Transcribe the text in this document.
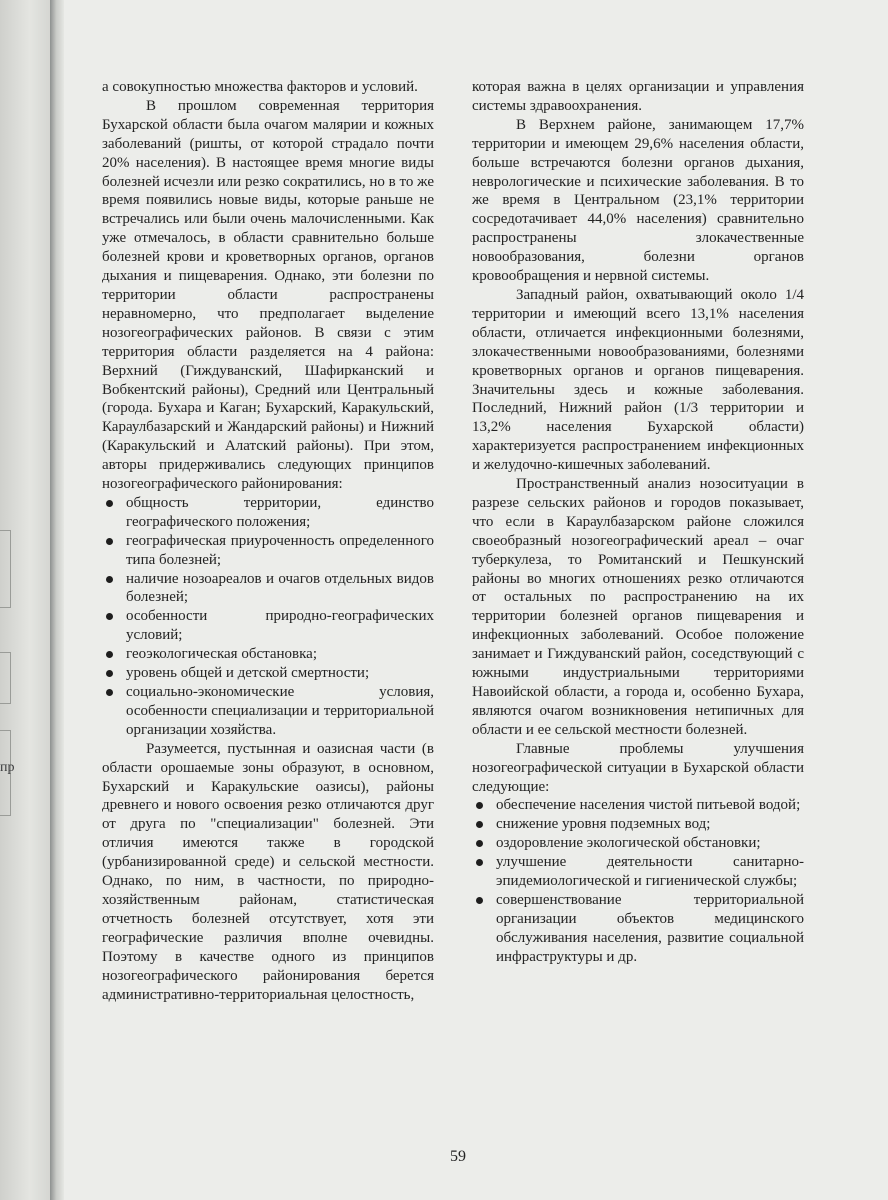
пр

а совокупностью множества факторов и условий.

В прошлом современная территория Бухарской области была очагом малярии и кожных заболеваний (ришты, от которой страдало почти 20% населения). В настоящее время многие виды болезней исчезли или резко сократились, но в то же время появились новые виды, которые раньше не встречались или были очень малочисленными. Как уже отмечалось, в области сравнительно больше болезней крови и кроветворных органов, органов дыхания и пищеварения. Однако, эти болезни по территории области распространены неравномерно, что предполагает выделение нозогеографических районов. В связи с этим территория области разделяется на 4 района: Верхний (Гиждуванский, Шафирканский и Вобкентский районы), Средний или Центральный (города. Бухара и Каган; Бухарский, Каракульский, Караулбазарский и Жандарский районы) и Нижний (Каракульский и Алатский районы). При этом, авторы придерживались следующих принципов нозогеографического районирования:

общность территории, единство географического положения;
географическая приуроченность определенного типа болезней;
наличие нозоареалов и очагов отдельных видов болезней;
особенности природно-географических условий;
геоэкологическая обстановка;
уровень общей и детской смертности;
социально-экономические условия, особенности специализации и территориальной организации хозяйства.

Разумеется, пустынная и оазисная части (в области орошаемые зоны образуют, в основном, Бухарский и Каракульские оазисы), районы древнего и нового освоения резко отличаются друг от друга по "специализации" болезней. Эти отличия имеются также в городской (урбанизированной среде) и сельской местности. Однако, по ним, в частности, по природно-хозяйственным районам, статистическая отчетность болезней отсутствует, хотя эти географические различия вполне очевидны. Поэтому в качестве одного из принципов нозогеографического районирования берется административно-территориальная целостность,

которая важна в целях организации и управления системы здравоохранения.

В Верхнем районе, занимающем 17,7% территории и имеющем 29,6% населения области, больше встречаются болезни органов дыхания, неврологические и психические заболевания. В то же время в Центральном (23,1% территории сосредотачивает 44,0% населения) сравнительно распространены злокачественные новообразования, болезни органов кровообращения и нервной системы.

Западный район, охватывающий около 1/4 территории и имеющий всего 13,1% населения области, отличается инфекционными болезнями, злокачественными новообразованиями, болезнями кроветворных органов и органов пищеварения. Значительны здесь и кожные заболевания. Последний, Нижний район (1/3 территории и 13,2% населения Бухарской области) характеризуется распространением инфекционных и желудочно-кишечных заболеваний.

Пространственный анализ нозоситуации в разрезе сельских районов и городов показывает, что если в Караулбазарском районе сложился своеобразный нозогеографический ареал – очаг туберкулеза, то Ромитанский и Пешкунский районы во многих отношениях резко отличаются от остальных по распространению на их территории болезней органов пищеварения и инфекционных заболеваний. Особое положение занимает и Гиждуванский район, соседствующий с южными индустриальными территориями Навоийской области, а города и, особенно Бухара, являются очагом возникновения нетипичных для области и ее сельской местности болезней.

Главные проблемы улучшения нозогеографической ситуации в Бухарской области следующие:

обеспечение населения чистой питьевой водой;
снижение уровня подземных вод;
оздоровление экологической обстановки;
улучшение деятельности санитарно-эпидемиологической и гигиенической службы;
совершенствование территориальной организации объектов медицинского обслуживания населения, развитие социальной инфраструктуры и др.
59
